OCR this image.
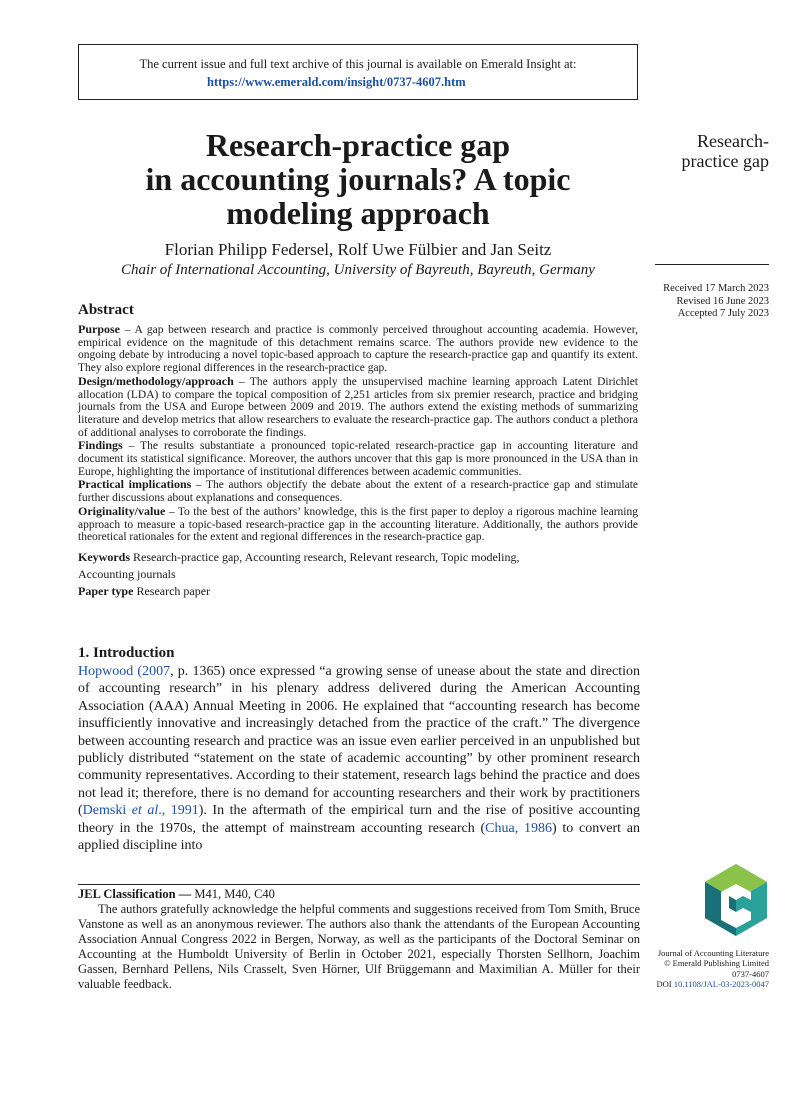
The current issue and full text archive of this journal is available on Emerald Insight at:
https://www.emerald.com/insight/0737-4607.htm
Research-practice gap
in accounting journals? A topic
modeling approach
Florian Philipp Federsel, Rolf Uwe Fülbier and Jan Seitz
Chair of International Accounting, University of Bayreuth, Bayreuth, Germany
Research-
practice gap
Received 17 March 2023
Revised 16 June 2023
Accepted 7 July 2023
Abstract

Purpose – A gap between research and practice is commonly perceived throughout accounting academia. However, empirical evidence on the magnitude of this detachment remains scarce. The authors provide new evidence to the ongoing debate by introducing a novel topic-based approach to capture the research-practice gap and quantify its extent. They also explore regional differences in the research-practice gap.

Design/methodology/approach – The authors apply the unsupervised machine learning approach Latent Dirichlet allocation (LDA) to compare the topical composition of 2,251 articles from six premier research, practice and bridging journals from the USA and Europe between 2009 and 2019. The authors extend the existing methods of summarizing literature and develop metrics that allow researchers to evaluate the research-practice gap. The authors conduct a plethora of additional analyses to corroborate the findings.

Findings – The results substantiate a pronounced topic-related research-practice gap in accounting literature and document its statistical significance. Moreover, the authors uncover that this gap is more pronounced in the USA than in Europe, highlighting the importance of institutional differences between academic communities.

Practical implications – The authors objectify the debate about the extent of a research-practice gap and stimulate further discussions about explanations and consequences.

Originality/value – To the best of the authors’ knowledge, this is the first paper to deploy a rigorous machine learning approach to measure a topic-based research-practice gap in the accounting literature. Additionally, the authors provide theoretical rationales for the extent and regional differences in the research-practice gap.

Keywords Research-practice gap, Accounting research, Relevant research, Topic modeling,
Accounting journals

Paper type Research paper

1. Introduction

Hopwood (2007, p. 1365) once expressed “a growing sense of unease about the state and direction of accounting research” in his plenary address delivered during the American Accounting Association (AAA) Annual Meeting in 2006. He explained that “accounting research has become insufficiently innovative and increasingly detached from the practice of the craft.” The divergence between accounting research and practice was an issue even earlier perceived in an unpublished but publicly distributed “statement on the state of academic accounting” by other prominent research community representatives. According to their statement, research lags behind the practice and does not lead it; therefore, there is no demand for accounting researchers and their work by practitioners (Demski et al., 1991). In the aftermath of the empirical turn and the rise of positive accounting theory in the 1970s, the attempt of mainstream accounting research (Chua, 1986) to convert an applied discipline into

JEL Classification — M41, M40, C40

The authors gratefully acknowledge the helpful comments and suggestions received from Tom Smith, Bruce Vanstone as well as an anonymous reviewer. The authors also thank the attendants of the European Accounting Association Annual Congress 2022 in Bergen, Norway, as well as the participants of the Doctoral Seminar on Accounting at the Humboldt University of Berlin in October 2021, especially Thorsten Sellhorn, Joachim Gassen, Bernhard Pellens, Nils Crasselt, Sven Hörner, Ulf Brüggemann and Maximilian A. Müller for their valuable feedback.

Journal of Accounting Literature
© Emerald Publishing Limited
0737-4607
DOI 10.1108/JAL-03-2023-0047
